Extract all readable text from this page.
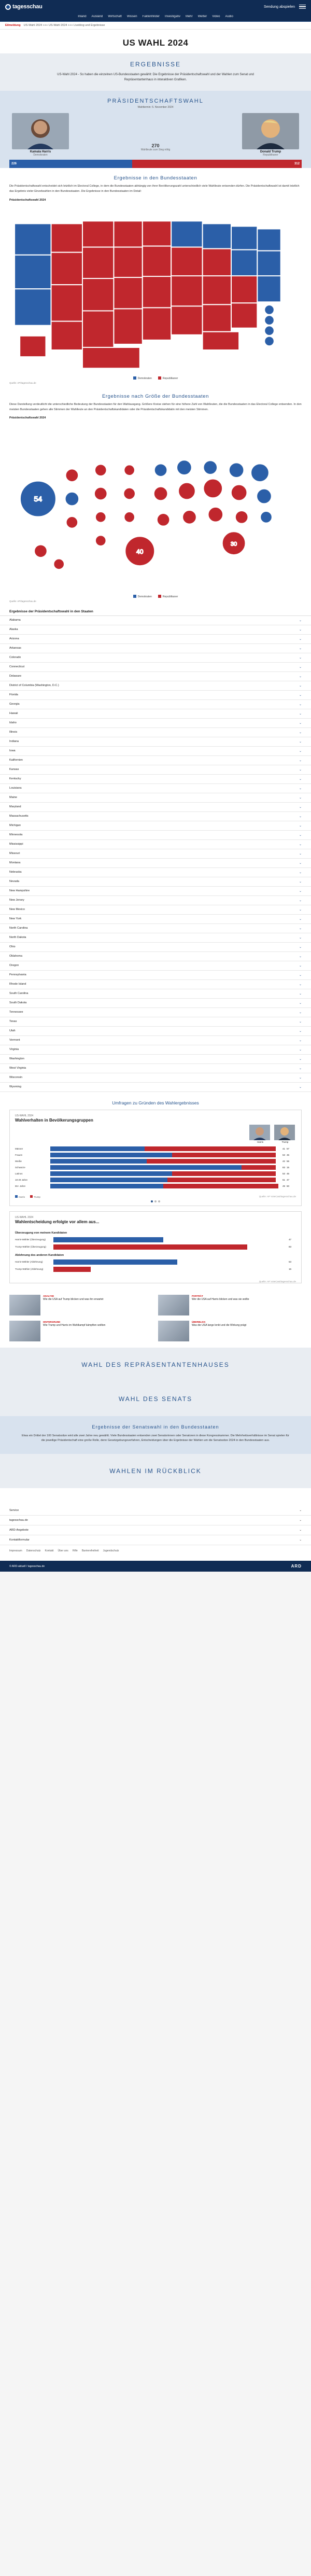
tagesschau	Sendung abspielen
Inland Ausland Wirtschaft Wissen Faktenfinder Investigativ Mehr Wetter Video Audio
Eilmeldung US-Wahl 2024 +++ US-Wahl 2024 +++ Liveblog und Ergebnisse
US WAHL 2024
ERGEBNISSE

US-Wahl 2024 - So haben die einzelnen US-Bundesstaaten gewählt: Die Ergebnisse der Präsidentschaftswahl und der Wahlen zum Senat und Repräsentantenhaus in interaktiven Grafiken.

PRÄSIDENTSCHAFTSWAHL
Wahltermin: 5. November 2024
Kamala Harris
Demokraten
270
Wahlleute zum Sieg nötig
Donald Trump
Republikaner
226	312
Ergebnisse in den Bundesstaaten

Die Präsidentschaftswahl entscheidet sich letztlich im Electoral College, in dem die Bundesstaaten abhängig von ihrer Bevölkerungszahl unterschiedlich viele Wahlleute entsenden dürfen. Die Präsidentschaftswahl ist damit letztlich das Ergebnis vieler Einzelwahlen in den Bundesstaaten. Die Ergebnisse in den Bundesstaaten im Detail:

Präsidentschaftswahl 2024
Demokraten	Republikaner
Quelle: AP/tagesschau.de
Ergebnisse nach Größe der Bundesstaaten

Diese Darstellung verdeutlicht die unterschiedliche Bedeutung der Bundesstaaten für den Wahlausgang. Größere Kreise stehen für eine höhere Zahl von Wahlleuten, die die Bundesstaaten in das Electoral College entsenden. In den meisten Bundesstaaten gehen alle Stimmen der Wahlleute an den Präsidentschaftskandidaten oder die Präsidentschaftskandidatin mit den meisten Stimmen.

Präsidentschaftswahl 2024
54
40
30
Demokraten	Republikaner
Quelle: AP/tagesschau.de
Ergebnisse der Präsidentschaftswahl in den Staaten
Alabama	⌄
Alaska	⌄
Arizona	⌄
Arkansas	⌄
Colorado	⌄
Connecticut	⌄
Delaware	⌄
District of Columbia (Washington, D.C.)	⌄
Florida	⌄
Georgia	⌄
Hawaii	⌄
Idaho	⌄
Illinois	⌄
Indiana	⌄
Iowa	⌄
Kalifornien	⌄
Kansas	⌄
Kentucky	⌄
Louisiana	⌄
Maine	⌄
Maryland	⌄
Massachusetts	⌄
Michigan	⌄
Minnesota	⌄
Mississippi	⌄
Missouri	⌄
Montana	⌄
Nebraska	⌄
Nevada	⌄
New Hampshire	⌄
New Jersey	⌄
New Mexico	⌄
New York	⌄
North Carolina	⌄
North Dakota	⌄
Ohio	⌄
Oklahoma	⌄
Oregon	⌄
Pennsylvania	⌄
Rhode Island	⌄
South Carolina	⌄
South Dakota	⌄
Tennessee	⌄
Texas	⌄
Utah	⌄
Vermont	⌄
Virginia	⌄
Washington	⌄
West Virginia	⌄
Wisconsin	⌄
Wyoming	⌄
Umfragen zu Gründen des Wahlergebnisses
US-WAHL 2024
Wahlverhalten in Bevölkerungsgruppen
Harris	Trump
Männer	41 57
Frauen	53 45
Weiße	42 56
Schwarze	83 15
Latinos	53 45
18-29 Jahre	51 47
65+ Jahre	49 50
Harris	Trump	Quelle: AP VoteCast/tagesschau.de
US-WAHL 2024
Wahlentscheidung erfolgte vor allem aus...
Überzeugung von meinem Kandidaten
Harris-Wähler (Überzeugung)	47
Trump-Wähler (Überzeugung)	83
Ablehnung des anderen Kandidaten
Harris-Wähler (Ablehnung)	53
Trump-Wähler (Ablehnung)	16
Quelle: AP VoteCast/tagesschau.de
ANALYSE
Wie die USA auf Trump blicken und was ihn erwartet
PORTRÄT
Wer die USA auf Harris blicken und was sie wollte
HINTERGRUND
Wie Trump und Harris im Wahlkampf kämpften wollten
ÜBERBLICK
Was die USA lange lenkt und die Wirkung prägt
WAHL DES REPRÄSENTANTENHAUSES
WAHL DES SENATS
Ergebnisse der Senatswahl in den Bundesstaaten

Etwa ein Drittel der 100 Senatssitze wird alle zwei Jahre neu gewählt. Viele Bundesstaaten entsenden zwei Senatorinnen oder Senatoren in diese Kongresskammer. Die Mehrheitsverhältnisse im Senat spielen für die jeweilige Präsidentschaft eine große Rolle, denn Gesetzgebungsverfahren, Entscheidungen über die Ergebnisse der Wahlen um die Senatssitze 2024 in den Bundesstaaten aus.

WAHLEN IM RÜCKBLICK
Service	⌄
tagesschau.de	⌄
ARD-Angebote	⌄
Kontaktformular	⌄
Impressum Datenschutz Kontakt Über uns Hilfe Barrierefreiheit Jugendschutz
© ARD-aktuell / tagesschau.de	ARD
